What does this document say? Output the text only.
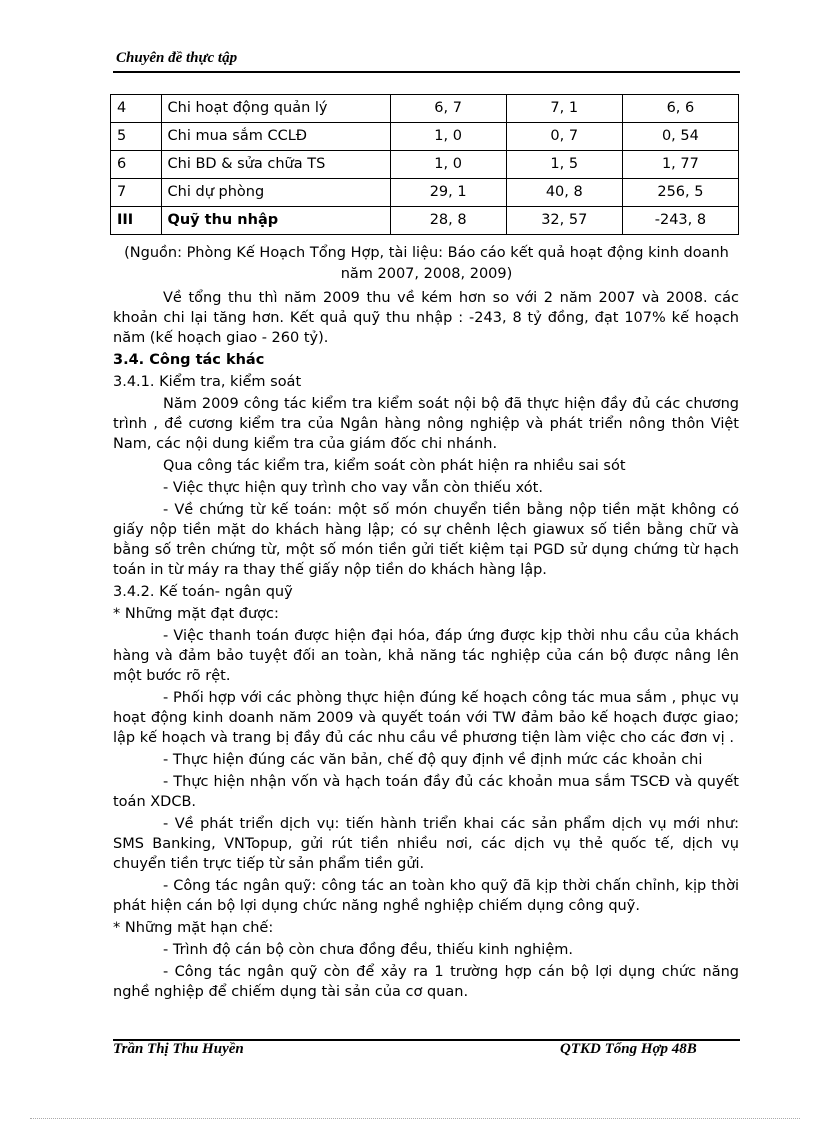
Chuyên đề thực tập
4	Chi hoạt động quản lý	6, 7	7, 1	6, 6
5	Chi mua sắm CCLĐ	1, 0	0, 7	0, 54
6	Chi BD & sửa chữa TS	1, 0	1, 5	1, 77
7	Chi dự phòng	29, 1	40, 8	256, 5
III	Quỹ thu nhập	28, 8	32, 57	-243, 8
(Nguồn: Phòng Kế Hoạch Tổng Hợp, tài liệu: Báo cáo kết quả hoạt động kinh doanh
năm 2007, 2008, 2009)

Về tổng thu thì năm 2009 thu về kém hơn so với 2 năm 2007 và 2008. các khoản chi lại tăng hơn. Kết quả quỹ thu nhập : -243, 8 tỷ đồng, đạt 107% kế hoạch năm (kế hoạch giao - 260 tỷ).

3.4. Công tác khác

3.4.1. Kiểm tra, kiểm soát

Năm 2009 công tác kiểm tra kiểm soát nội bộ đã thực hiện đầy đủ các chương trình , đề cương kiểm tra của Ngân hàng nông nghiệp và phát triển nông thôn Việt Nam, các nội dung kiểm tra của giám đốc chi nhánh.

Qua công tác kiểm tra, kiểm soát còn phát hiện ra nhiều sai sót

- Việc thực hiện quy trình cho vay vẫn còn thiếu xót.

- Về chứng từ kế toán: một số món chuyển tiền bằng nộp tiền mặt không có giấy nộp tiền mặt do khách hàng lập; có sự chênh lệch giawux số tiền bằng chữ và bằng số trên chứng từ, một số món tiền gửi tiết kiệm tại PGD sử dụng chứng từ hạch toán in từ máy ra thay thế giấy nộp tiền do khách hàng lập.

3.4.2. Kế toán- ngân quỹ

* Những mặt đạt được:

- Việc thanh toán được hiện đại hóa, đáp ứng được kịp thời nhu cầu của khách hàng và đảm bảo tuyệt đối an toàn, khả năng tác nghiệp của cán bộ được nâng lên một bước rõ rệt.

- Phối hợp với các phòng thực hiện đúng kế hoạch công tác mua sắm , phục vụ hoạt động kinh doanh năm 2009 và quyết toán với TW đảm bảo kế hoạch được giao; lập kế hoạch và trang bị đầy đủ các nhu cầu về phương tiện làm việc cho các đơn vị .

- Thực hiện đúng các văn bản, chế độ quy định về định mức các khoản chi

- Thực hiện nhận vốn và hạch toán đầy đủ các khoản mua sắm TSCĐ và quyết toán XDCB.

- Về phát triển dịch vụ: tiến hành triển khai các sản phẩm dịch vụ mới như: SMS Banking, VNTopup, gửi rút tiền nhiều nơi, các dịch vụ thẻ quốc tế, dịch vụ chuyển tiền trực tiếp từ sản phẩm tiền gửi.

- Công tác ngân quỹ: công tác an toàn kho quỹ đã kịp thời chấn chỉnh, kịp thời phát hiện cán bộ lợi dụng chức năng nghề nghiệp chiếm dụng công quỹ.

* Những mặt hạn chế:

- Trình độ cán bộ còn chưa đồng đều, thiếu kinh nghiệm.

- Công tác ngân quỹ còn để xảy ra 1 trường hợp cán bộ lợi dụng chức năng nghề nghiệp để chiếm dụng tài sản của cơ quan.

Trần Thị Thu Huyền	QTKD Tổng Hợp 48B
